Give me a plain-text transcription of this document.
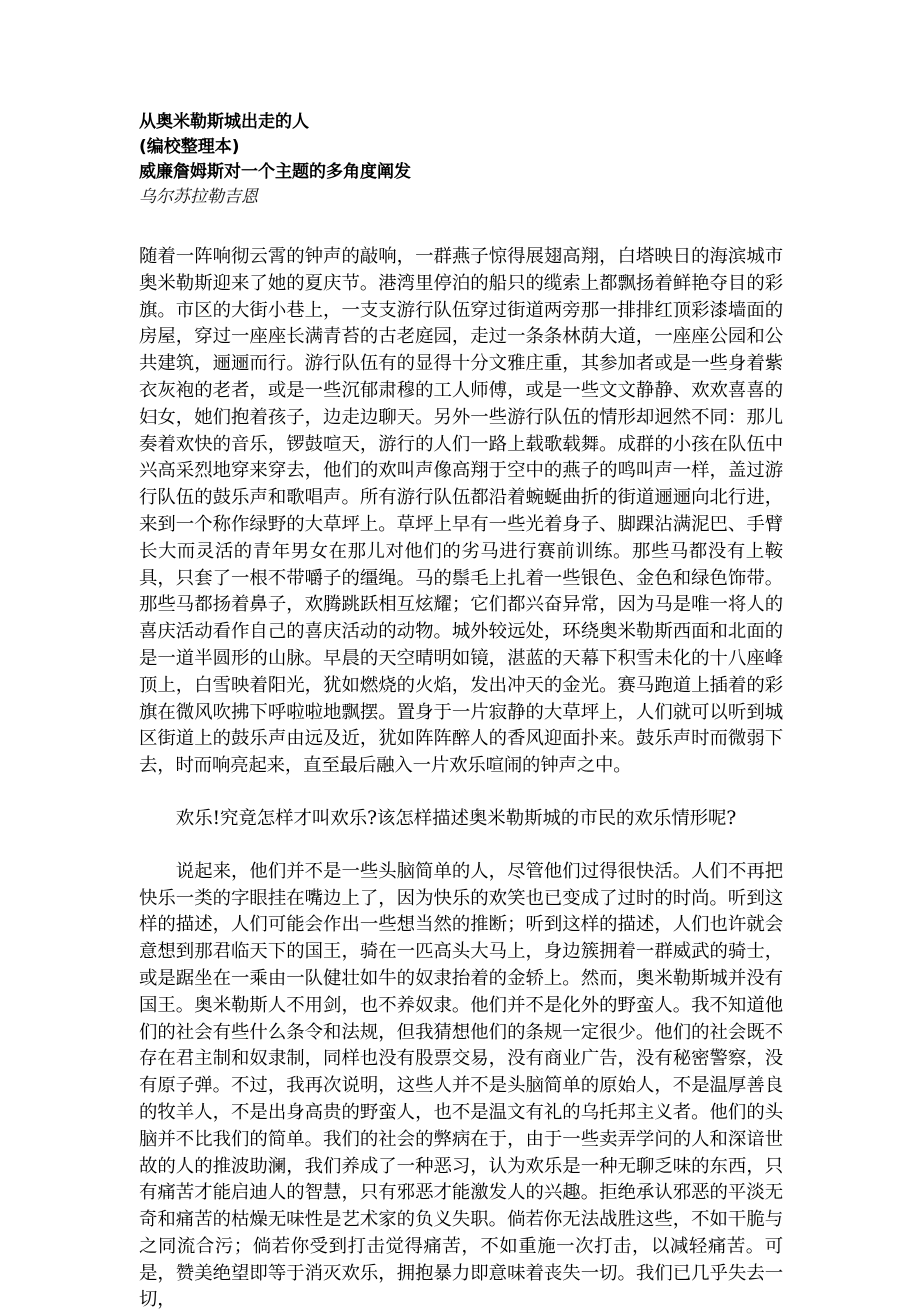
从奥米勒斯城出走的人

(编校整理本)

威廉詹姆斯对一个主题的多角度阐发

乌尔苏拉勒吉恩

随着一阵响彻云霄的钟声的敲响，一群燕子惊得展翅高翔，白塔映日的海滨城市奥米勒斯迎来了她的夏庆节。港湾里停泊的船只的缆索上都飘扬着鲜艳夺目的彩旗。市区的大街小巷上，一支支游行队伍穿过街道两旁那一排排红顶彩漆墙面的房屋，穿过一座座长满青苔的古老庭园，走过一条条林荫大道，一座座公园和公共建筑，逦逦而行。游行队伍有的显得十分文雅庄重，其参加者或是一些身着紫衣灰袍的老者，或是一些沉郁肃穆的工人师傅，或是一些文文静静、欢欢喜喜的妇女，她们抱着孩子，边走边聊天。另外一些游行队伍的情形却迥然不同：那儿奏着欢快的音乐，锣鼓喧天，游行的人们一路上载歌载舞。成群的小孩在队伍中兴高采烈地穿来穿去，他们的欢叫声像高翔于空中的燕子的鸣叫声一样，盖过游行队伍的鼓乐声和歌唱声。所有游行队伍都沿着蜿蜒曲折的街道逦逦向北行进，来到一个称作绿野的大草坪上。草坪上早有一些光着身子、脚踝沾满泥巴、手臂长大而灵活的青年男女在那儿对他们的劣马进行赛前训练。那些马都没有上鞍具，只套了一根不带嚼子的缰绳。马的鬃毛上扎着一些银色、金色和绿色饰带。那些马都扬着鼻子，欢腾跳跃相互炫耀；它们都兴奋异常，因为马是唯一将人的喜庆活动看作自己的喜庆活动的动物。城外较远处，环绕奥米勒斯西面和北面的是一道半圆形的山脉。早晨的天空晴明如镜，湛蓝的天幕下积雪未化的十八座峰顶上，白雪映着阳光，犹如燃烧的火焰，发出冲天的金光。赛马跑道上插着的彩旗在微风吹拂下呼啦啦地飘摆。置身于一片寂静的大草坪上，人们就可以听到城区街道上的鼓乐声由远及近，犹如阵阵醉人的香风迎面扑来。鼓乐声时而微弱下去，时而响亮起来，直至最后融入一片欢乐喧闹的钟声之中。

欢乐!究竟怎样才叫欢乐?该怎样描述奥米勒斯城的市民的欢乐情形呢?

说起来，他们并不是一些头脑简单的人，尽管他们过得很快活。人们不再把快乐一类的字眼挂在嘴边上了，因为快乐的欢笑也已变成了过时的时尚。听到这样的描述，人们可能会作出一些想当然的推断；听到这样的描述，人们也许就会意想到那君临天下的国王，骑在一匹高头大马上，身边簇拥着一群威武的骑士，或是踞坐在一乘由一队健壮如牛的奴隶抬着的金轿上。然而，奥米勒斯城并没有国王。奥米勒斯人不用剑，也不养奴隶。他们并不是化外的野蛮人。我不知道他们的社会有些什么条令和法规，但我猜想他们的条规一定很少。他们的社会既不存在君主制和奴隶制，同样也没有股票交易，没有商业广告，没有秘密警察，没有原子弹。不过，我再次说明，这些人并不是头脑简单的原始人，不是温厚善良的牧羊人，不是出身高贵的野蛮人，也不是温文有礼的乌托邦主义者。他们的头脑并不比我们的简单。我们的社会的弊病在于，由于一些卖弄学问的人和深谙世故的人的推波助澜，我们养成了一种恶习，认为欢乐是一种无聊乏味的东西，只有痛苦才能启迪人的智慧，只有邪恶才能激发人的兴趣。拒绝承认邪恶的平淡无奇和痛苦的枯燥无味性是艺术家的负义失职。倘若你无法战胜这些，不如干脆与之同流合污；倘若你受到打击觉得痛苦，不如重施一次打击，以减轻痛苦。可是，赞美绝望即等于消灭欢乐，拥抱暴力即意味着丧失一切。我们已几乎失去一切，
